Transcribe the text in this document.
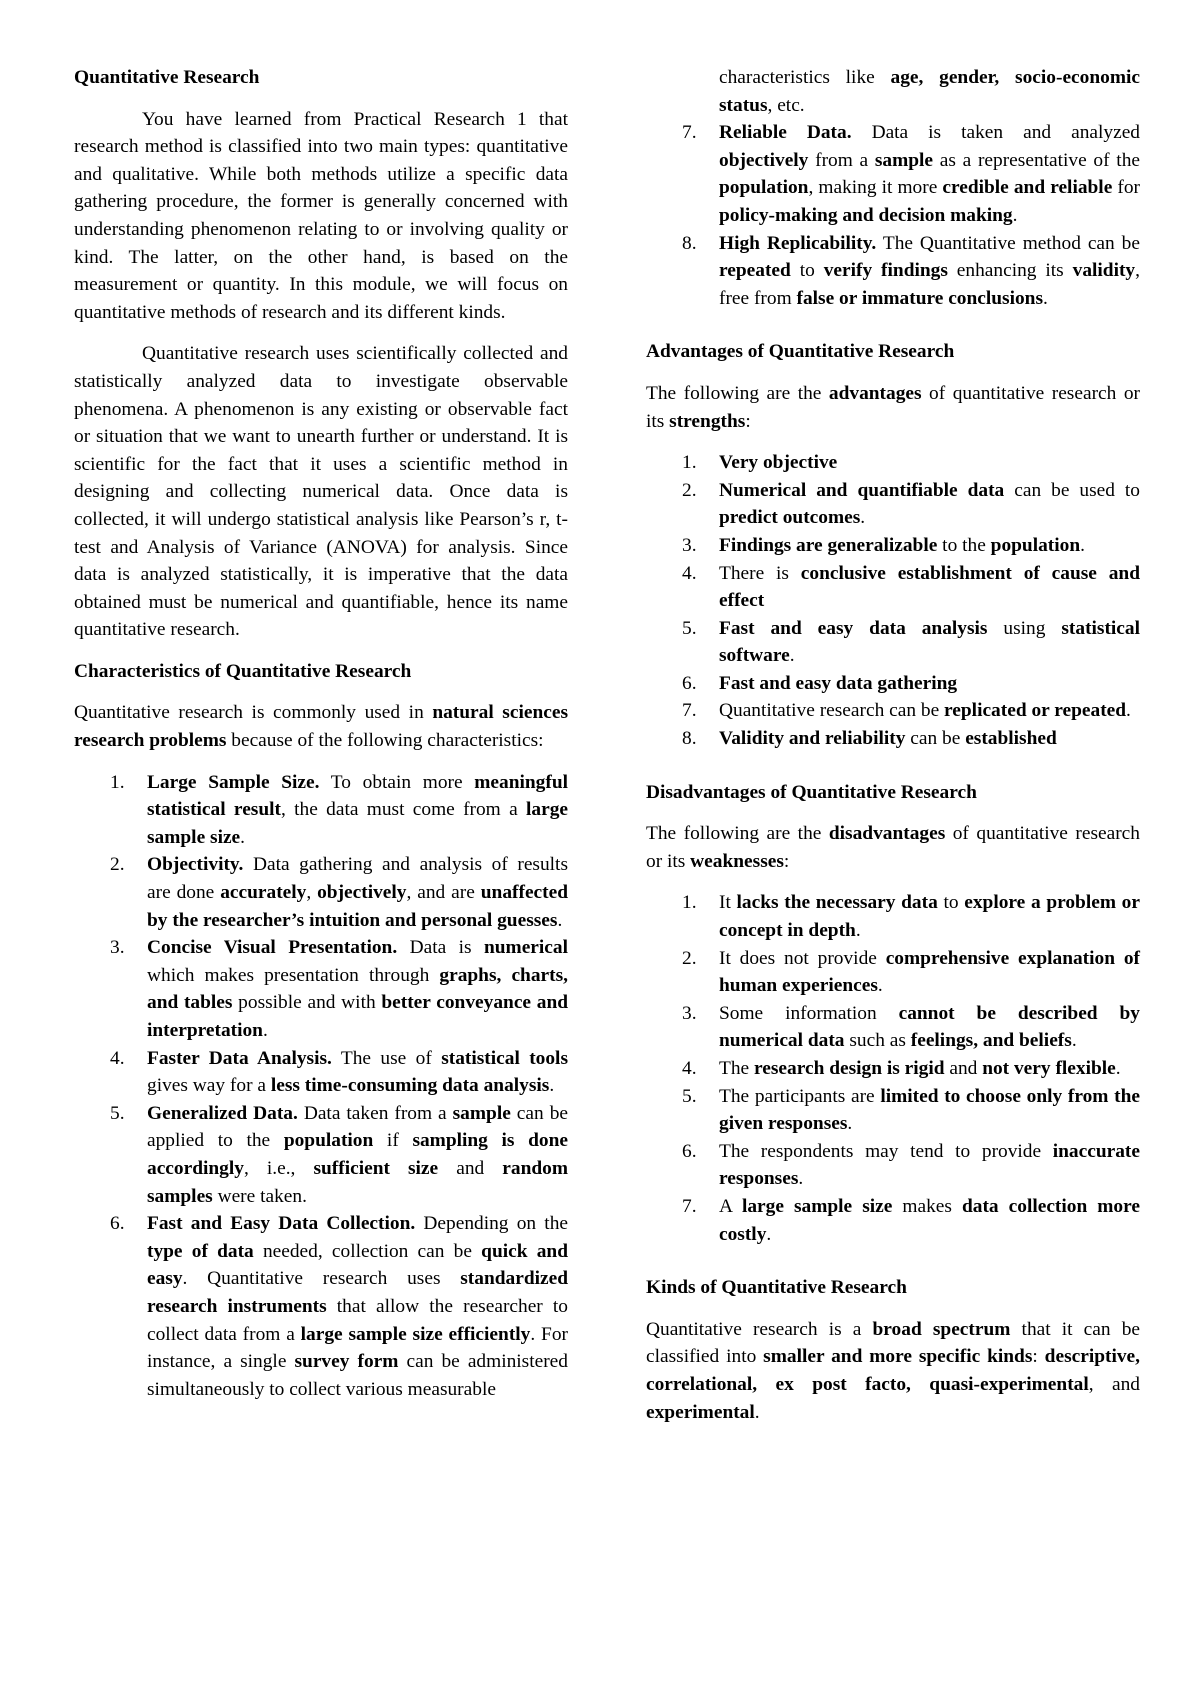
Quantitative Research

You have learned from Practical Research 1 that research method is classified into two main types: quantitative and qualitative. While both methods utilize a specific data gathering procedure, the former is generally concerned with understanding phenomenon relating to or involving quality or kind. The latter, on the other hand, is based on the measurement or quantity. In this module, we will focus on quantitative methods of research and its different kinds.

Quantitative research uses scientifically collected and statistically analyzed data to investigate observable phenomena. A phenomenon is any existing or observable fact or situation that we want to unearth further or understand. It is scientific for the fact that it uses a scientific method in designing and collecting numerical data. Once data is collected, it will undergo statistical analysis like Pearson’s r, t-test and Analysis of Variance (ANOVA) for analysis. Since data is analyzed statistically, it is imperative that the data obtained must be numerical and quantifiable, hence its name quantitative research.

Characteristics of Quantitative Research

Quantitative research is commonly used in natural sciences research problems because of the following characteristics:

1.	Large Sample Size. To obtain more meaningful statistical result, the data must come from a large sample size.
2.	Objectivity. Data gathering and analysis of results are done accurately, objectively, and are unaffected by the researcher’s intuition and personal guesses.
3.	Concise Visual Presentation. Data is numerical which makes presentation through graphs, charts, and tables possible and with better conveyance and interpretation.
4.	Faster Data Analysis. The use of statistical tools gives way for a less time-consuming data analysis.
5.	Generalized Data. Data taken from a sample can be applied to the population if sampling is done accordingly, i.e., sufficient size and random samples were taken.
6.	Fast and Easy Data Collection. Depending on the type of data needed, collection can be quick and easy. Quantitative research uses standardized research instruments that allow the researcher to collect data from a large sample size efficiently. For instance, a single survey form can be administered simultaneously to collect various measurable

characteristics like age, gender, socio-economic status, etc.

7.	Reliable Data. Data is taken and analyzed objectively from a sample as a representative of the population, making it more credible and reliable for policy-making and decision making.
8.	High Replicability. The Quantitative method can be repeated to verify findings enhancing its validity, free from false or immature conclusions.
Advantages of Quantitative Research

The following are the advantages of quantitative research or its strengths:

1.	Very objective
2.	Numerical and quantifiable data can be used to predict outcomes.
3.	Findings are generalizable to the population.
4.	There is conclusive establishment of cause and effect
5.	Fast and easy data analysis using statistical software.
6.	Fast and easy data gathering
7.	Quantitative research can be replicated or repeated.
8.	Validity and reliability can be established
Disadvantages of Quantitative Research

The following are the disadvantages of quantitative research or its weaknesses:

1.	It lacks the necessary data to explore a problem or concept in depth.
2.	It does not provide comprehensive explanation of human experiences.
3.	Some information cannot be described by numerical data such as feelings, and beliefs.
4.	The research design is rigid and not very flexible.
5.	The participants are limited to choose only from the given responses.
6.	The respondents may tend to provide inaccurate responses.
7.	A large sample size makes data collection more costly.
Kinds of Quantitative Research

Quantitative research is a broad spectrum that it can be classified into smaller and more specific kinds: descriptive, correlational, ex post facto, quasi-experimental, and experimental.
